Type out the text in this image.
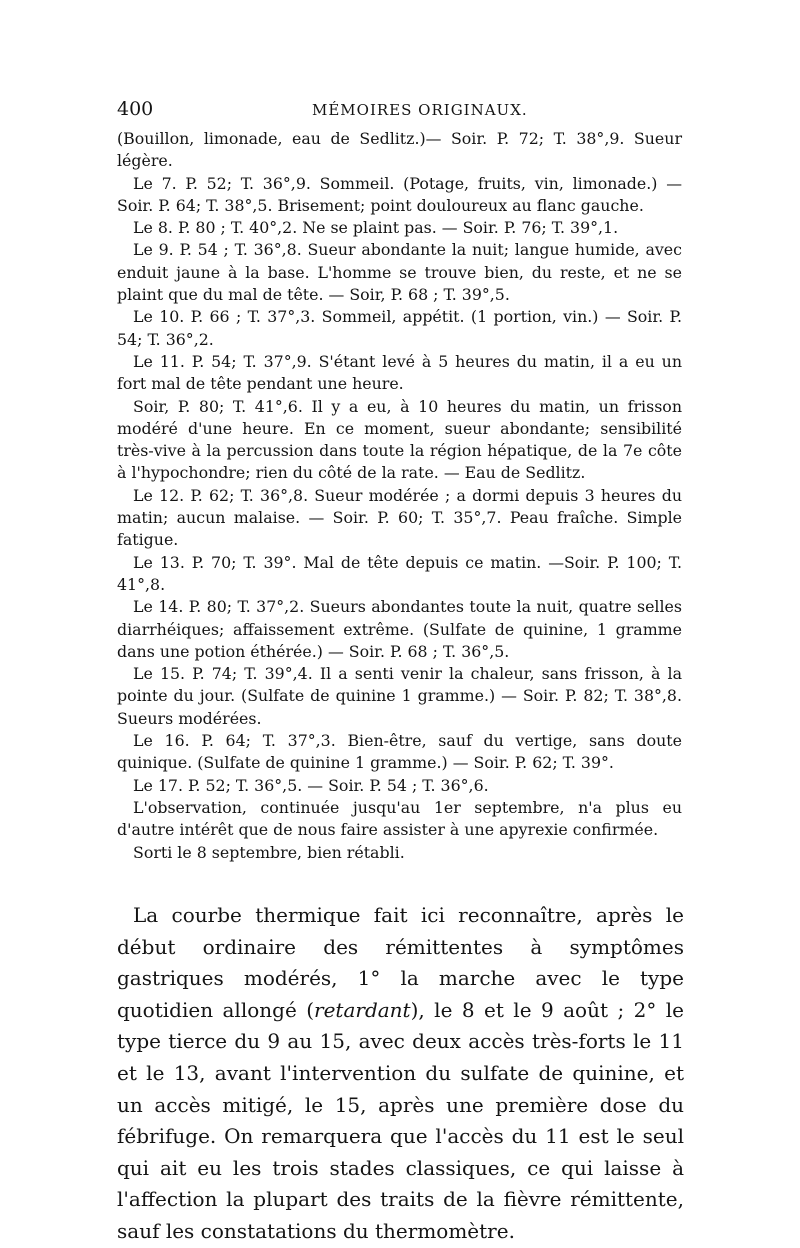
400	MÉMOIRES ORIGINAUX.

(Bouillon, limonade, eau de Sedlitz.)— Soir. P. 72; T. 38°,9. Sueur légère.

Le 7. P. 52; T. 36°,9. Sommeil. (Potage, fruits, vin, limonade.) — Soir. P. 64; T. 38°,5. Brisement; point douloureux au flanc gauche.

Le 8. P. 80 ; T. 40°,2. Ne se plaint pas. — Soir. P. 76; T. 39°,1.

Le 9. P. 54 ; T. 36°,8. Sueur abondante la nuit; langue humide, avec enduit jaune à la base. L'homme se trouve bien, du reste, et ne se plaint que du mal de tête. — Soir, P. 68 ; T. 39°,5.

Le 10. P. 66 ; T. 37°,3. Sommeil, appétit. (1 portion, vin.) — Soir. P. 54; T. 36°,2.

Le 11. P. 54; T. 37°,9. S'étant levé à 5 heures du matin, il a eu un fort mal de tête pendant une heure.

Soir, P. 80; T. 41°,6. Il y a eu, à 10 heures du matin, un frisson modéré d'une heure. En ce moment, sueur abondante; sensibilité très-vive à la percussion dans toute la région hépatique, de la 7e côte à l'hypochondre; rien du côté de la rate. — Eau de Sedlitz.

Le 12. P. 62; T. 36°,8. Sueur modérée ; a dormi depuis 3 heures du matin; aucun malaise. — Soir. P. 60; T. 35°,7. Peau fraîche. Simple fatigue.

Le 13. P. 70; T. 39°. Mal de tête depuis ce matin. —Soir. P. 100; T. 41°,8.

Le 14. P. 80; T. 37°,2. Sueurs abondantes toute la nuit, quatre selles diarrhéiques; affaissement extrême. (Sulfate de quinine, 1 gramme dans une potion éthérée.) — Soir. P. 68 ; T. 36°,5.

Le 15. P. 74; T. 39°,4. Il a senti venir la chaleur, sans frisson, à la pointe du jour. (Sulfate de quinine 1 gramme.) — Soir. P. 82; T. 38°,8. Sueurs modérées.

Le 16. P. 64; T. 37°,3. Bien-être, sauf du vertige, sans doute quinique. (Sulfate de quinine 1 gramme.) — Soir. P. 62; T. 39°.

Le 17. P. 52; T. 36°,5. — Soir. P. 54 ; T. 36°,6.

L'observation, continuée jusqu'au 1er septembre, n'a plus eu d'autre intérêt que de nous faire assister à une apyrexie confirmée.

Sorti le 8 septembre, bien rétabli.

La courbe thermique fait ici reconnaître, après le début ordinaire des rémittentes à symptômes gastriques modérés, 1° la marche avec le type quotidien allongé (retardant), le 8 et le 9 août ; 2° le type tierce du 9 au 15, avec deux accès très-forts le 11 et le 13, avant l'intervention du sulfate de quinine, et un accès mitigé, le 15, après une première dose du fébrifuge. On remarquera que l'accès du 11 est le seul qui ait eu les trois stades classiques, ce qui laisse à l'affection la plupart des traits de la fièvre rémittente, sauf les constatations du thermomètre.
